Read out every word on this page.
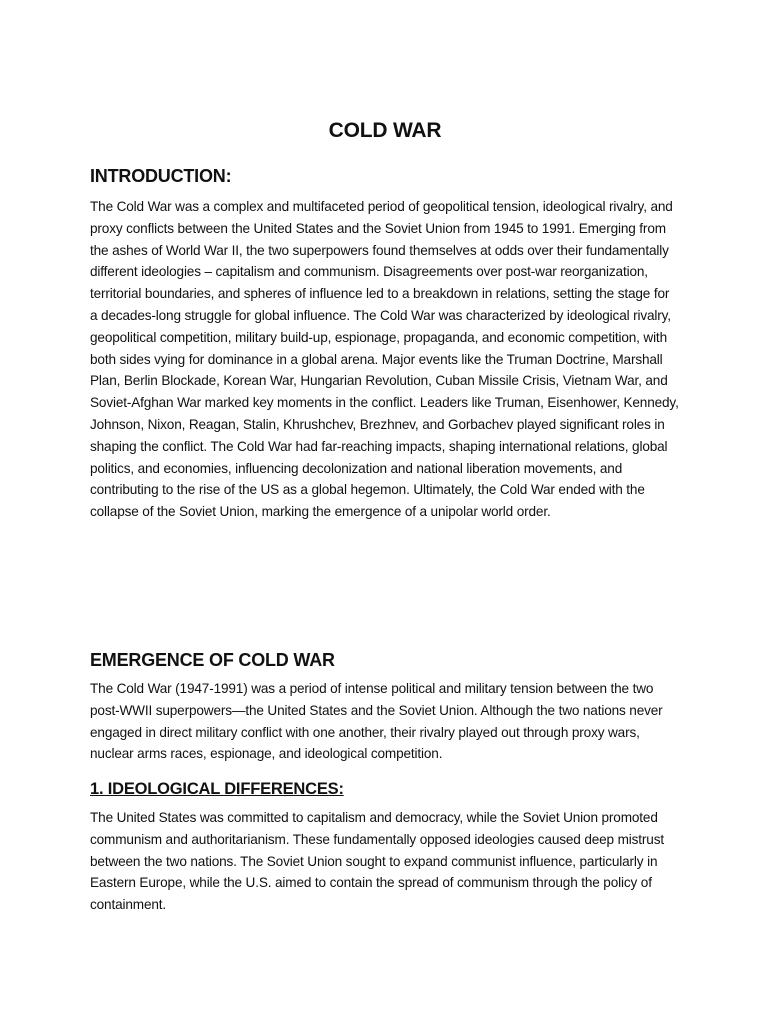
COLD WAR
INTRODUCTION:

The Cold War was a complex and multifaceted period of geopolitical tension, ideological rivalry, and proxy conflicts between the United States and the Soviet Union from 1945 to 1991. Emerging from the ashes of World War II, the two superpowers found themselves at odds over their fundamentally different ideologies – capitalism and communism. Disagreements over post-war reorganization, territorial boundaries, and spheres of influence led to a breakdown in relations, setting the stage for a decades-long struggle for global influence. The Cold War was characterized by ideological rivalry, geopolitical competition, military build-up, espionage, propaganda, and economic competition, with both sides vying for dominance in a global arena. Major events like the Truman Doctrine, Marshall Plan, Berlin Blockade, Korean War, Hungarian Revolution, Cuban Missile Crisis, Vietnam War, and Soviet-Afghan War marked key moments in the conflict. Leaders like Truman, Eisenhower, Kennedy, Johnson, Nixon, Reagan, Stalin, Khrushchev, Brezhnev, and Gorbachev played significant roles in shaping the conflict. The Cold War had far-reaching impacts, shaping international relations, global politics, and economies, influencing decolonization and national liberation movements, and contributing to the rise of the US as a global hegemon. Ultimately, the Cold War ended with the collapse of the Soviet Union, marking the emergence of a unipolar world order.

EMERGENCE OF COLD WAR

The Cold War (1947-1991) was a period of intense political and military tension between the two post-WWII superpowers—the United States and the Soviet Union. Although the two nations never engaged in direct military conflict with one another, their rivalry played out through proxy wars, nuclear arms races, espionage, and ideological competition.

1. IDEOLOGICAL DIFFERENCES:

The United States was committed to capitalism and democracy, while the Soviet Union promoted communism and authoritarianism. These fundamentally opposed ideologies caused deep mistrust between the two nations. The Soviet Union sought to expand communist influence, particularly in Eastern Europe, while the U.S. aimed to contain the spread of communism through the policy of containment.
